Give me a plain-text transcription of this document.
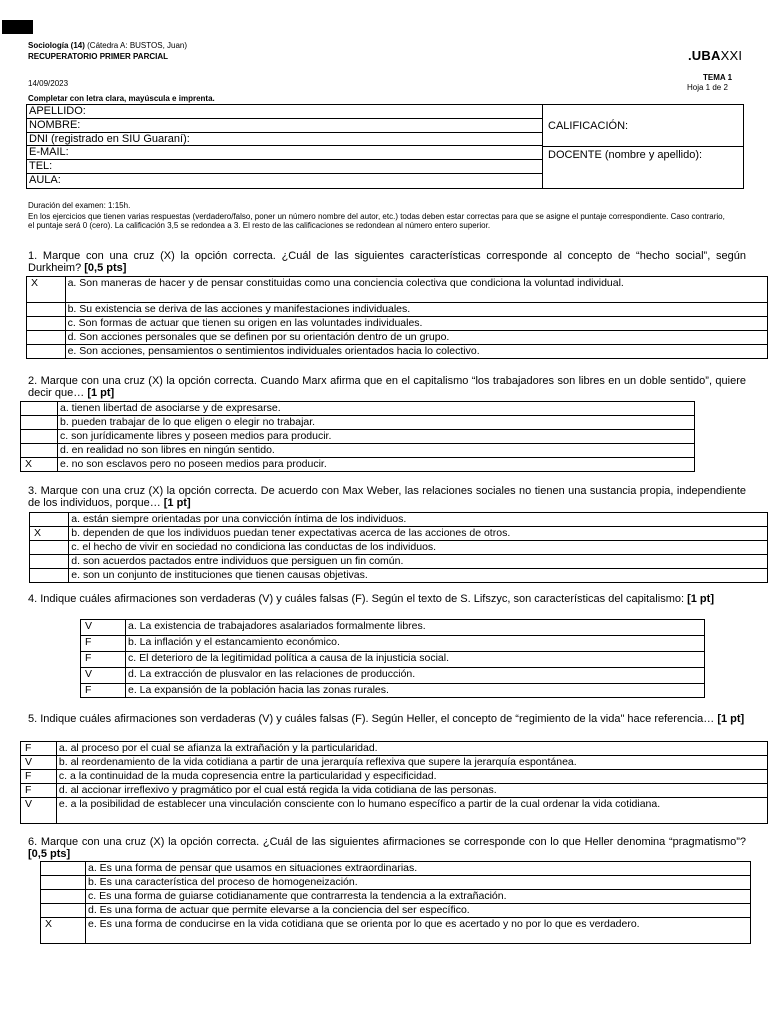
Sociología (14) (Cátedra A: BUSTOS, Juan)
RECUPERATORIO PRIMER PARCIAL	.UBAXXI
14/09/2023
TEMA 1
Hoja 1 de 2
Completar con letra clara, mayúscula e imprenta.
APELLIDO:
NOMBRE:
DNI (registrado en SIU Guaraní):
E-MAIL:
TEL:
AULA:
CALIFICACIÓN:
DOCENTE (nombre y apellido):
Duración del examen: 1:15h.
En los ejercicios que tienen varias respuestas (verdadero/falso, poner un número nombre del autor, etc.) todas deben estar correctas para que se asigne el puntaje correspondiente. Caso contrario, el puntaje será 0 (cero). La calificación 3,5 se redondea a 3. El resto de las calificaciones se redondean al número entero superior.
1. Marque con una cruz (X) la opción correcta. ¿Cuál de las siguientes características corresponde al concepto de “hecho social”, según Durkheim? [0,5 pts]
X	a. Son maneras de hacer y de pensar constituidas como una conciencia colectiva que condiciona la voluntad individual.
	b. Su existencia se deriva de las acciones y manifestaciones individuales.
	c. Son formas de actuar que tienen su origen en las voluntades individuales.
	d. Son acciones personales que se definen por su orientación dentro de un grupo.
	e. Son acciones, pensamientos o sentimientos individuales orientados hacia lo colectivo.
2. Marque con una cruz (X) la opción correcta. Cuando Marx afirma que en el capitalismo “los trabajadores son libres en un doble sentido”, quiere decir que… [1 pt]
	a. tienen libertad de asociarse y de expresarse.
	b. pueden trabajar de lo que eligen o elegir no trabajar.
	c. son jurídicamente libres y poseen medios para producir.
	d. en realidad no son libres en ningún sentido.
X	e. no son esclavos pero no poseen medios para producir.
3. Marque con una cruz (X) la opción correcta. De acuerdo con Max Weber, las relaciones sociales no tienen una sustancia propia, independiente de los individuos, porque… [1 pt]
	a. están siempre orientadas por una convicción íntima de los individuos.
X	b. dependen de que los individuos puedan tener expectativas acerca de las acciones de otros.
	c. el hecho de vivir en sociedad no condiciona las conductas de los individuos.
	d. son acuerdos pactados entre individuos que persiguen un fin común.
	e. son un conjunto de instituciones que tienen causas objetivas.
4. Indique cuáles afirmaciones son verdaderas (V) y cuáles falsas (F). Según el texto de S. Lifszyc, son características del capitalismo: [1 pt]
V	a. La existencia de trabajadores asalariados formalmente libres.
F	b. La inflación y el estancamiento económico.
F	c. El deterioro de la legitimidad política a causa de la injusticia social.
V	d. La extracción de plusvalor en las relaciones de producción.
F	e. La expansión de la población hacia las zonas rurales.
5. Indique cuáles afirmaciones son verdaderas (V) y cuáles falsas (F). Según Heller, el concepto de “regimiento de la vida" hace referencia… [1 pt]
F	a. al proceso por el cual se afianza la extrañación y la particularidad.
V	b. al reordenamiento de la vida cotidiana a partir de una jerarquía reflexiva que supere la jerarquía espontánea.
F	c. a la continuidad de la muda copresencia entre la particularidad y especificidad.
F	d. al accionar irreflexivo y pragmático por el cual está regida la vida cotidiana de las personas.
V	e. a la posibilidad de establecer una vinculación consciente con lo humano específico a partir de la cual ordenar la vida cotidiana.
6. Marque con una cruz (X) la opción correcta. ¿Cuál de las siguientes afirmaciones se corresponde con lo que Heller denomina “pragmatismo”? [0,5 pts]
	a. Es una forma de pensar que usamos en situaciones extraordinarias.
	b. Es una característica del proceso de homogeneización.
	c. Es una forma de guiarse cotidianamente que contrarresta la tendencia a la extrañación.
	d. Es una forma de actuar que permite elevarse a la conciencia del ser específico.
X	e. Es una forma de conducirse en la vida cotidiana que se orienta por lo que es acertado y no por lo que es verdadero.
